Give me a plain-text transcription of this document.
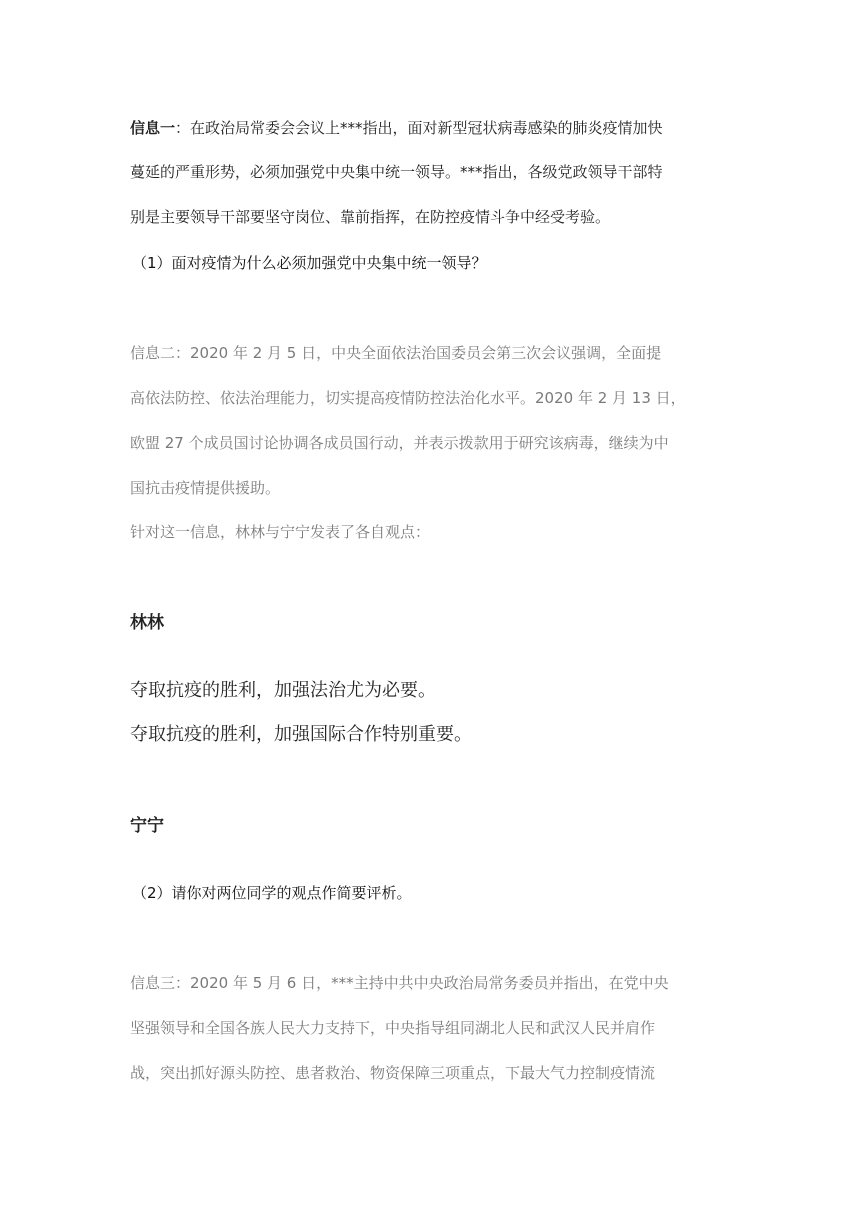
信息一：在政治局常委会会议上***指出，面对新型冠状病毒感染的肺炎疫情加快
蔓延的严重形势，必须加强党中央集中统一领导。***指出，各级党政领导干部特
别是主要领导干部要坚守岗位、靠前指挥，在防控疫情斗争中经受考验。
（1）面对疫情为什么必须加强党中央集中统一领导？
信息二：2020 年 2 月 5 日，中央全面依法治国委员会第三次会议强调，全面提
高依法防控、依法治理能力，切实提高疫情防控法治化水平。2020 年 2 月 13 日，
欧盟 27 个成员国讨论协调各成员国行动，并表示拨款用于研究该病毒，继续为中
国抗击疫情提供援助。
针对这一信息，林林与宁宁发表了各自观点：
林林
夺取抗疫的胜利，加强法治尤为必要。
夺取抗疫的胜利，加强国际合作特别重要。
宁宁
（2）请你对两位同学的观点作简要评析。
信息三：2020 年 5 月 6 日，***主持中共中央政治局常务委员并指出，在党中央
坚强领导和全国各族人民大力支持下，中央指导组同湖北人民和武汉人民并肩作
战，突出抓好源头防控、患者救治、物资保障三项重点，下最大气力控制疫情流
